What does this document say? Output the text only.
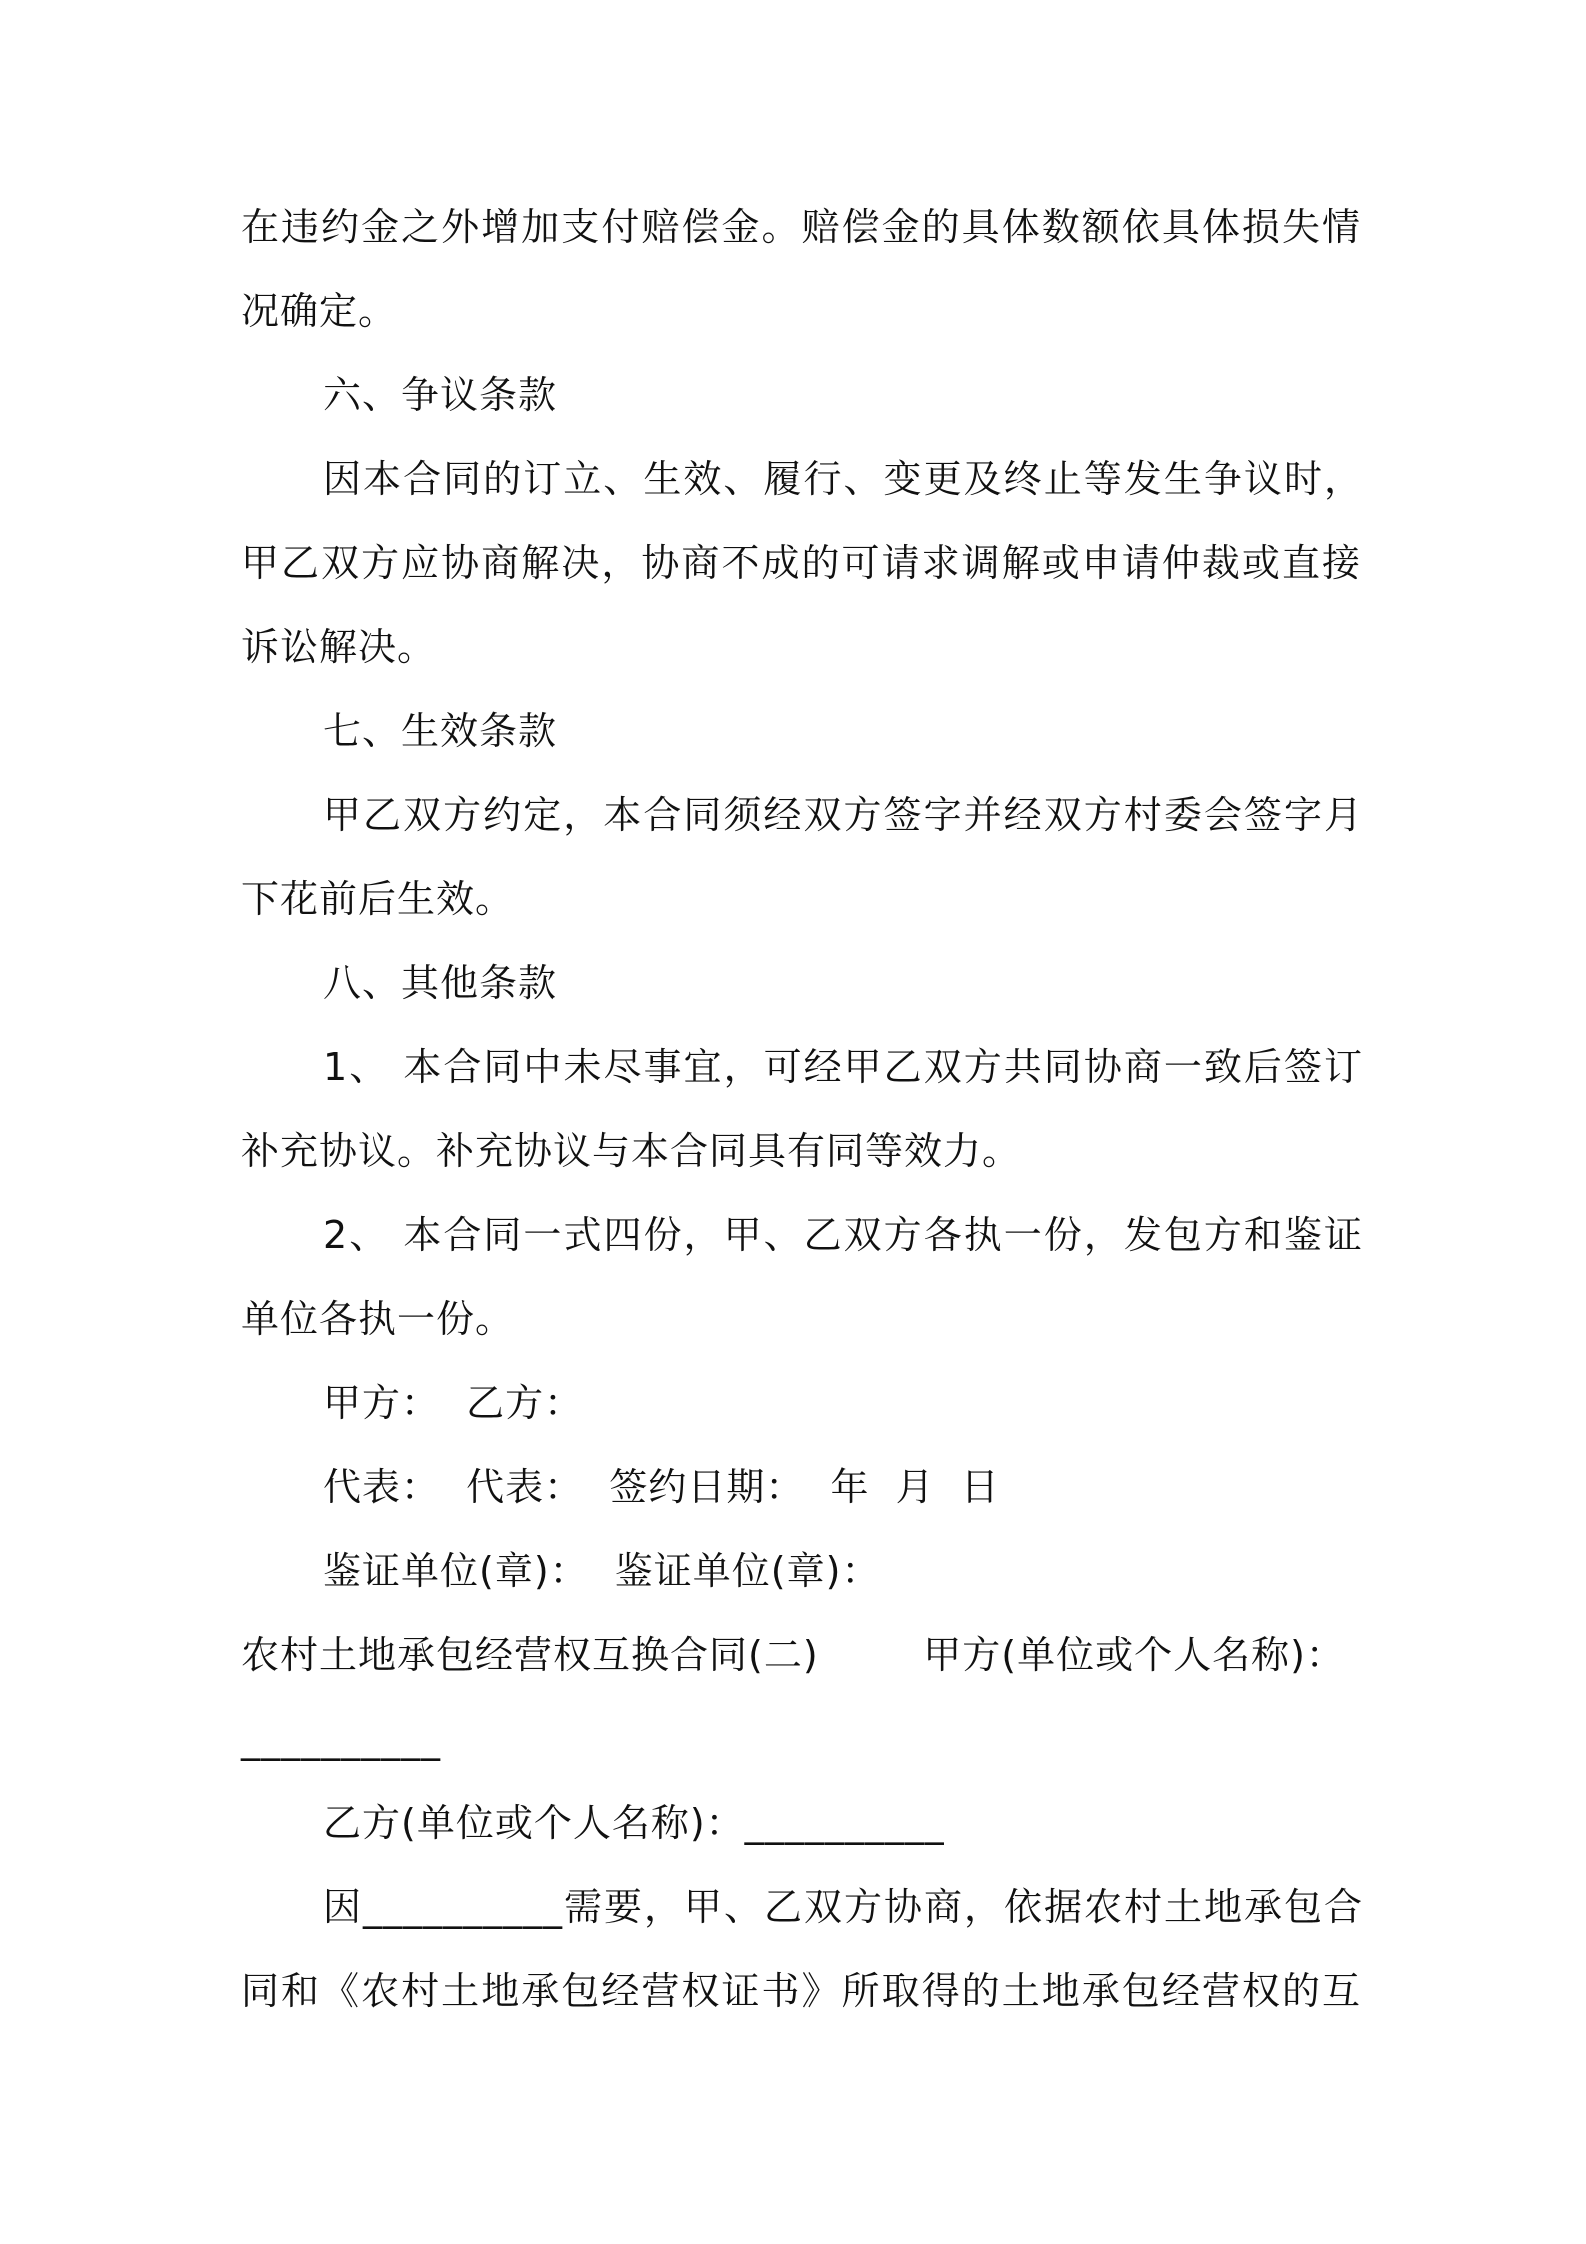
在违约金之外增加支付赔偿金。赔偿金的具体数额依具体损失情
况确定。
六、争议条款
因本合同的订立、生效、履行、变更及终止等发生争议时，
甲乙双方应协商解决，协商不成的可请求调解或申请仲裁或直接
诉讼解决。
七、生效条款
甲乙双方约定，本合同须经双方签字并经双方村委会签字月
下花前后生效。
八、其他条款
1、 本合同中未尽事宜，可经甲乙双方共同协商一致后签订
补充协议。补充协议与本合同具有同等效力。
2、 本合同一式四份，甲、乙双方各执一份，发包方和鉴证
单位各执一份。
甲方：  乙方：
代表：  代表：  签约日期：  年  月  日
鉴证单位(章)：  鉴证单位(章)：
农村土地承包经营权互换合同(二)        甲方(单位或个人名称)：
__________
乙方(单位或个人名称)：__________
因__________需要，甲、乙双方协商，依据农村土地承包合
同和《农村土地承包经营权证书》所取得的土地承包经营权的互
